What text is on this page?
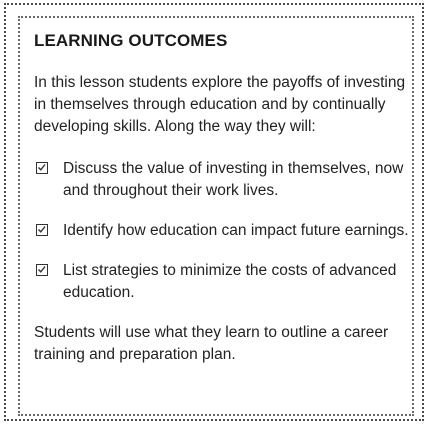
LEARNING OUTCOMES
In this lesson students explore the payoffs of investing in themselves through education and by continually developing skills. Along the way they will:
Discuss the value of investing in themselves, now and throughout their work lives.
Identify how education can impact future earnings.
List strategies to minimize the costs of advanced education.
Students will use what they learn to outline a career training and preparation plan.
